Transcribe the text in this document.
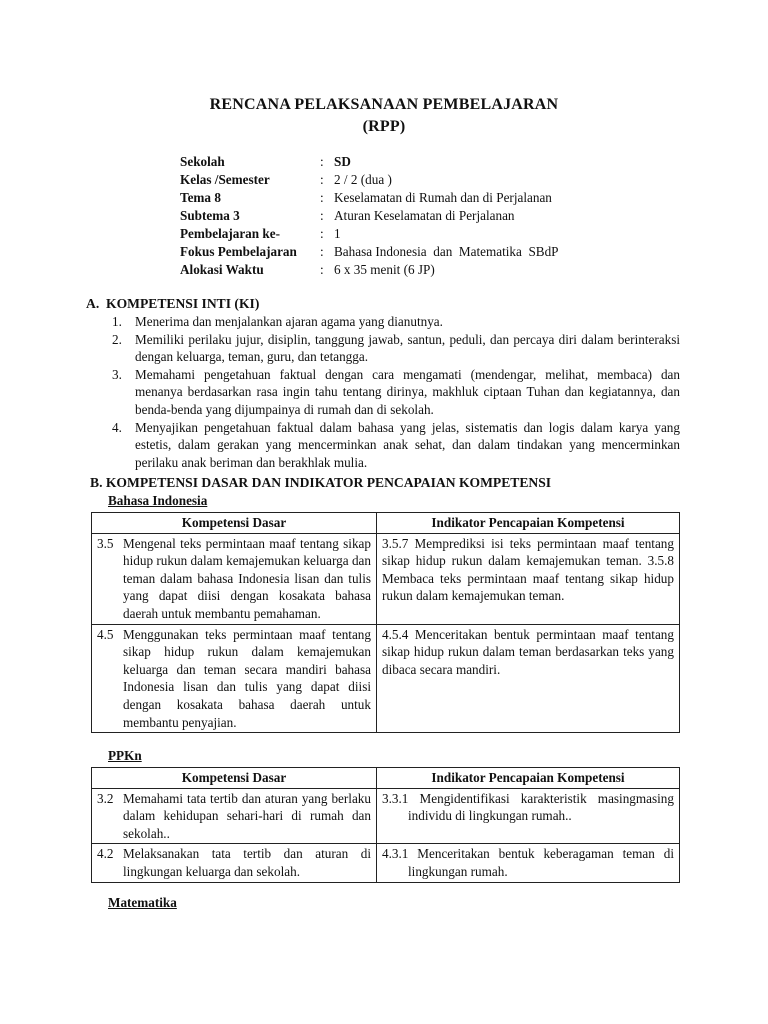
RENCANA PELAKSANAAN PEMBELAJARAN
(RPP)
Sekolah	: SD
Kelas /Semester	: 2 / 2 (dua )
Tema 8	: Keselamatan di Rumah dan di Perjalanan
Subtema 3	: Aturan Keselamatan di Perjalanan
Pembelajaran ke-	: 1
Fokus Pembelajaran	: Bahasa Indonesia  dan  Matematika  SBdP
Alokasi Waktu	: 6 x 35 menit (6 JP)
A.  KOMPETENSI INTI (KI)
1. Menerima dan menjalankan ajaran agama yang dianutnya.
2. Memiliki perilaku jujur, disiplin, tanggung jawab, santun, peduli, dan percaya diri dalam berinteraksi dengan keluarga, teman, guru, dan tetangga.
3. Memahami pengetahuan faktual dengan cara mengamati (mendengar, melihat, membaca) dan menanya berdasarkan rasa ingin tahu tentang dirinya, makhluk ciptaan Tuhan dan kegiatannya, dan benda-benda yang dijumpainya di rumah dan di sekolah.
4. Menyajikan pengetahuan faktual dalam bahasa yang jelas, sistematis dan logis dalam karya yang estetis, dalam gerakan yang mencerminkan anak sehat, dan dalam tindakan yang mencerminkan perilaku anak beriman dan berakhlak mulia.
B. KOMPETENSI DASAR DAN INDIKATOR PENCAPAIAN KOMPETENSI
Bahasa Indonesia
Kompetensi Dasar	Indikator Pencapaian Kompetensi

3.5 Mengenal teks permintaan maaf tentang sikap hidup rukun dalam kemajemukan keluarga dan teman dalam bahasa Indonesia lisan dan tulis yang dapat diisi dengan kosakata bahasa daerah untuk membantu pemahaman.	3.5.7 Memprediksi isi teks permintaan maaf tentang sikap hidup rukun dalam kemajemukan teman. 3.5.8 Membaca teks permintaan maaf tentang sikap hidup rukun dalam kemajemukan teman.

4.5 Menggunakan teks permintaan maaf tentang sikap hidup rukun dalam kemajemukan keluarga dan teman secara mandiri bahasa Indonesia lisan dan tulis yang dapat diisi dengan kosakata bahasa daerah untuk membantu penyajian.	4.5.4 Menceritakan bentuk permintaan maaf tentang sikap hidup rukun dalam teman berdasarkan teks yang dibaca secara mandiri.
PPKn
Kompetensi Dasar	Indikator Pencapaian Kompetensi

3.2 Memahami tata tertib dan aturan yang berlaku dalam kehidupan sehari-hari di rumah dan sekolah..	3.3.1 Mengidentifikasi karakteristik masingmasing individu di lingkungan rumah..

4.2 Melaksanakan tata tertib dan aturan di lingkungan keluarga dan sekolah.	4.3.1 Menceritakan bentuk keberagaman teman di lingkungan rumah.
Matematika
